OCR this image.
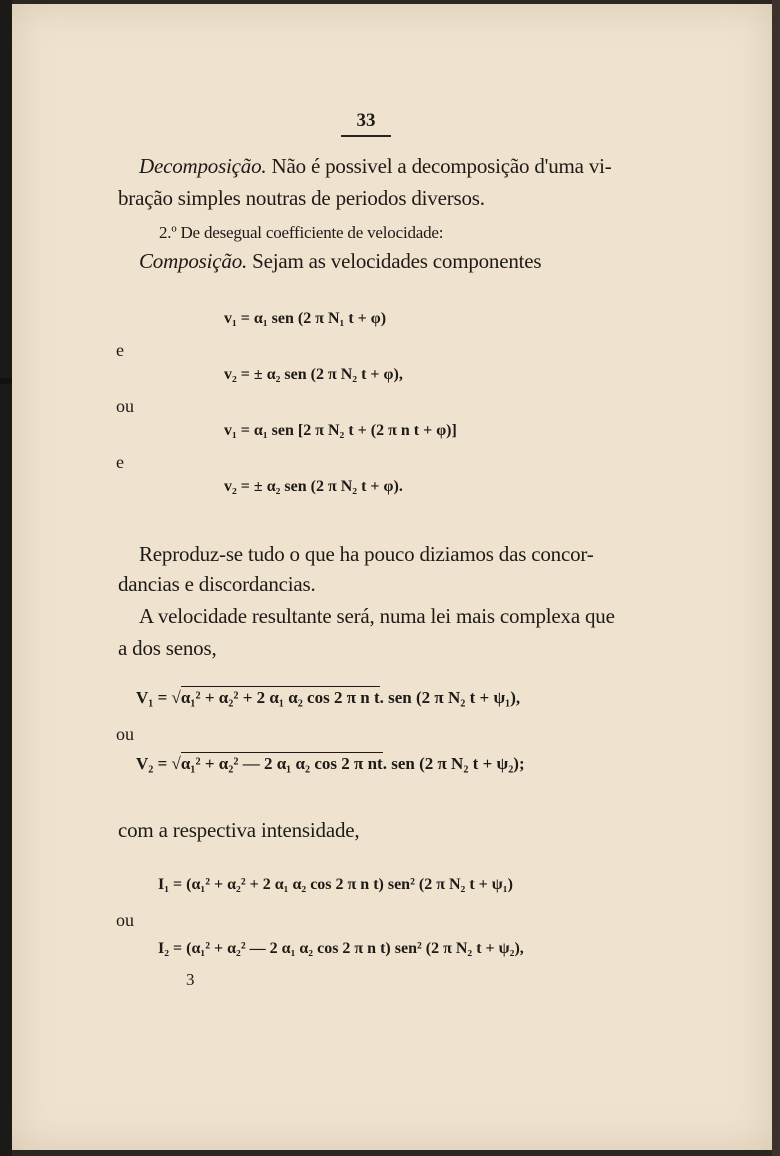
33
Decomposição. Não é possivel a decomposição d'uma vi-
bração simples noutras de periodos diversos.
2.º De desegual coefficiente de velocidade:
Composição. Sejam as velocidades componentes
v₁ = α₁ sen (2 π N₁ t + φ)
e
v₂ = ± α₂ sen (2 π N₂ t + φ),
ou
v₁ = α₁ sen [2 π N₂ t + (2 π n t + φ)]
e
v₂ = ± α₂ sen (2 π N₂ t + φ).
Reproduz-se tudo o que ha pouco diziamos das concor-
dancias e discordancias.
A velocidade resultante será, numa lei mais complexa que
a dos senos,
V₁ = √α₁² + α₂² + 2 α₁ α₂ cos 2 π n t. sen (2 π N₂ t + ψ₁),
ou
V₂ = √α₁² + α₂² — 2 α₁ α₂ cos 2 π nt. sen (2 π N₂ t + ψ₂);
com a respectiva intensidade,
I₁ = (α₁² + α₂² + 2 α₁ α₂ cos 2 π n t) sen² (2 π N₂ t + ψ₁)
ou
I₂ = (α₁² + α₂² — 2 α₁ α₂ cos 2 π n t) sen² (2 π N₂ t + ψ₂),
3
